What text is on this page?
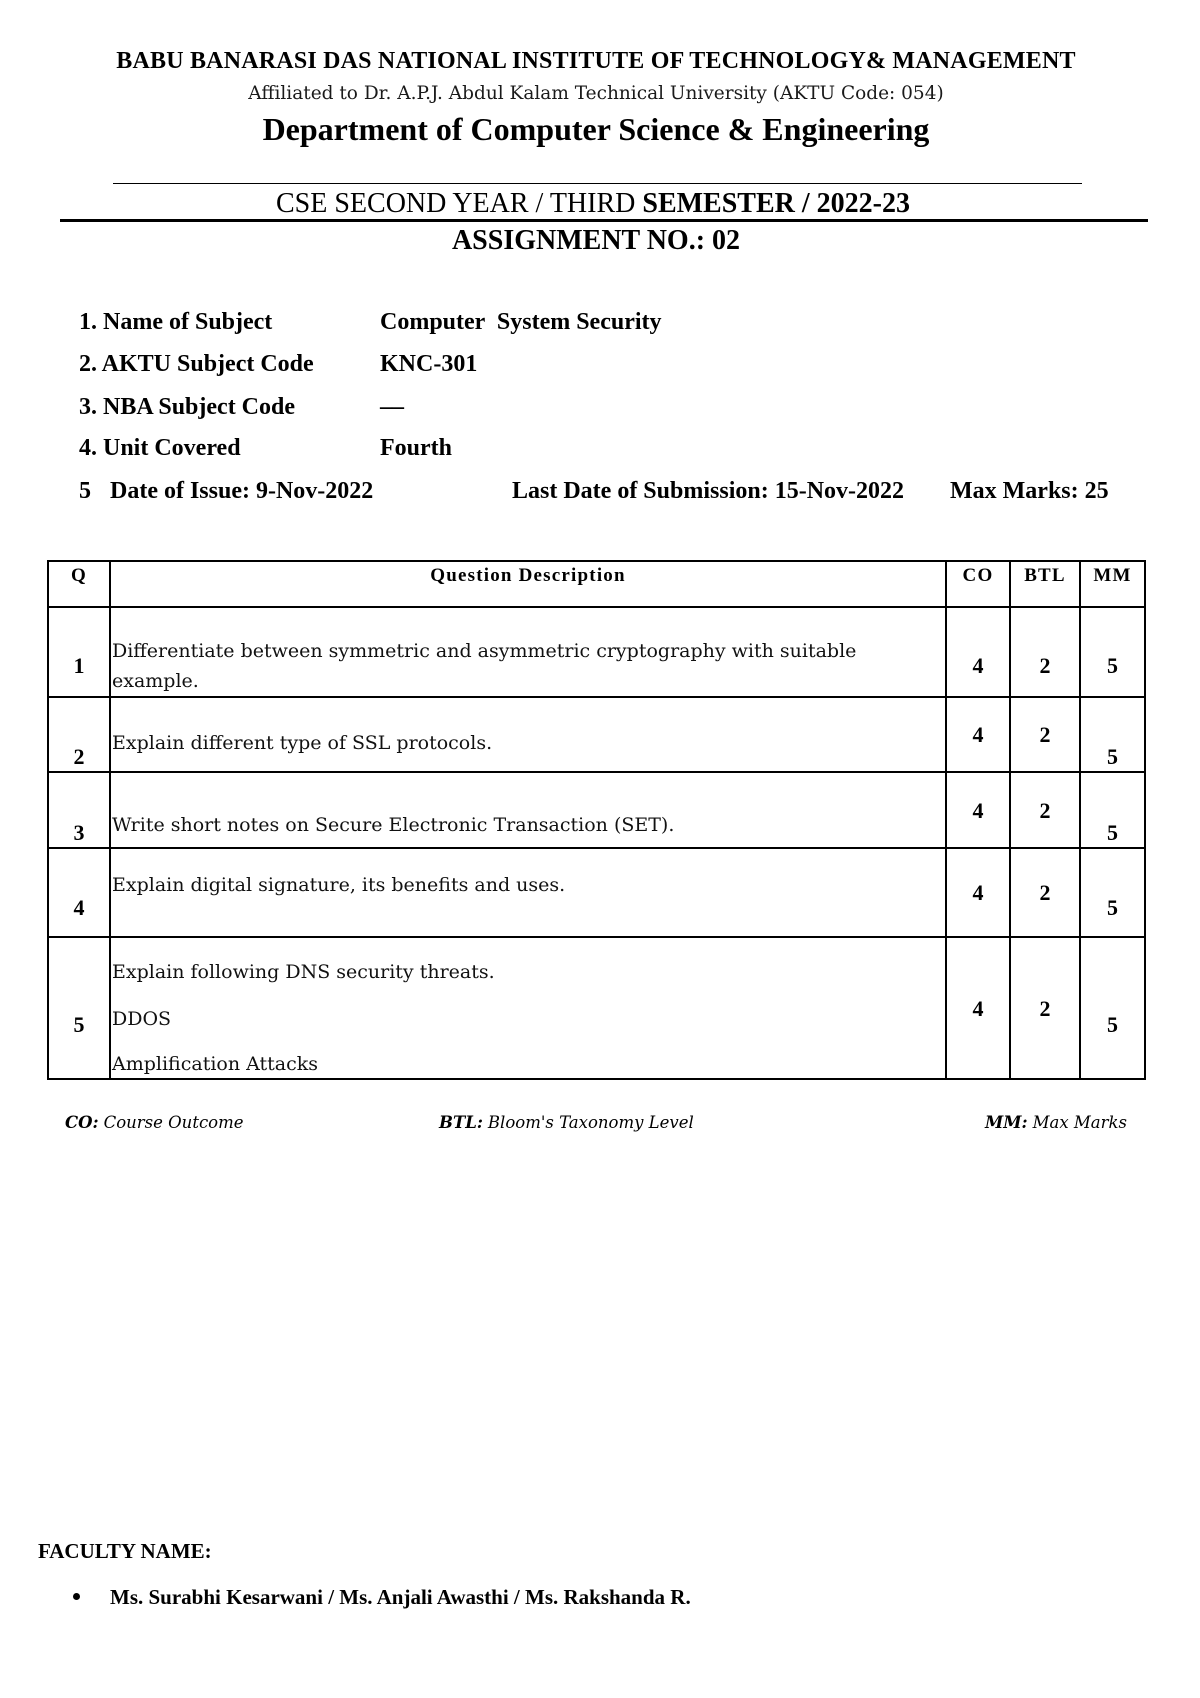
BABU BANARASI DAS NATIONAL INSTITUTE OF TECHNOLOGY& MANAGEMENT
Affiliated to Dr. A.P.J. Abdul Kalam Technical University (AKTU Code: 054)
Department of Computer Science & Engineering
CSE SECOND YEAR / THIRD SEMESTER / 2022-23
ASSIGNMENT NO.: 02
1. Name of Subject	Computer  System Security
2. AKTU Subject Code	KNC-301
3. NBA Subject Code	––
4. Unit Covered	Fourth
5 Date of Issue: 9-Nov-2022	Last Date of Submission: 15-Nov-2022 Max Marks: 25
Q	Question Description	CO	BTL	MM

1	Differentiate between symmetric and asymmetric cryptography with suitable example.	4	2	5

2	Explain different type of SSL protocols.	4	2	5

3	Write short notes on Secure Electronic Transaction (SET).	4	2	5

4	Explain digital signature, its benefits and uses.	4	2	5

5	Explain following DNS security threats.
DDOS
Amplification Attacks	4	2	5
CO: Course Outcome	BTL: Bloom's Taxonomy Level	MM: Max Marks
FACULTY NAME:
Ms. Surabhi Kesarwani / Ms. Anjali Awasthi / Ms. Rakshanda R.
